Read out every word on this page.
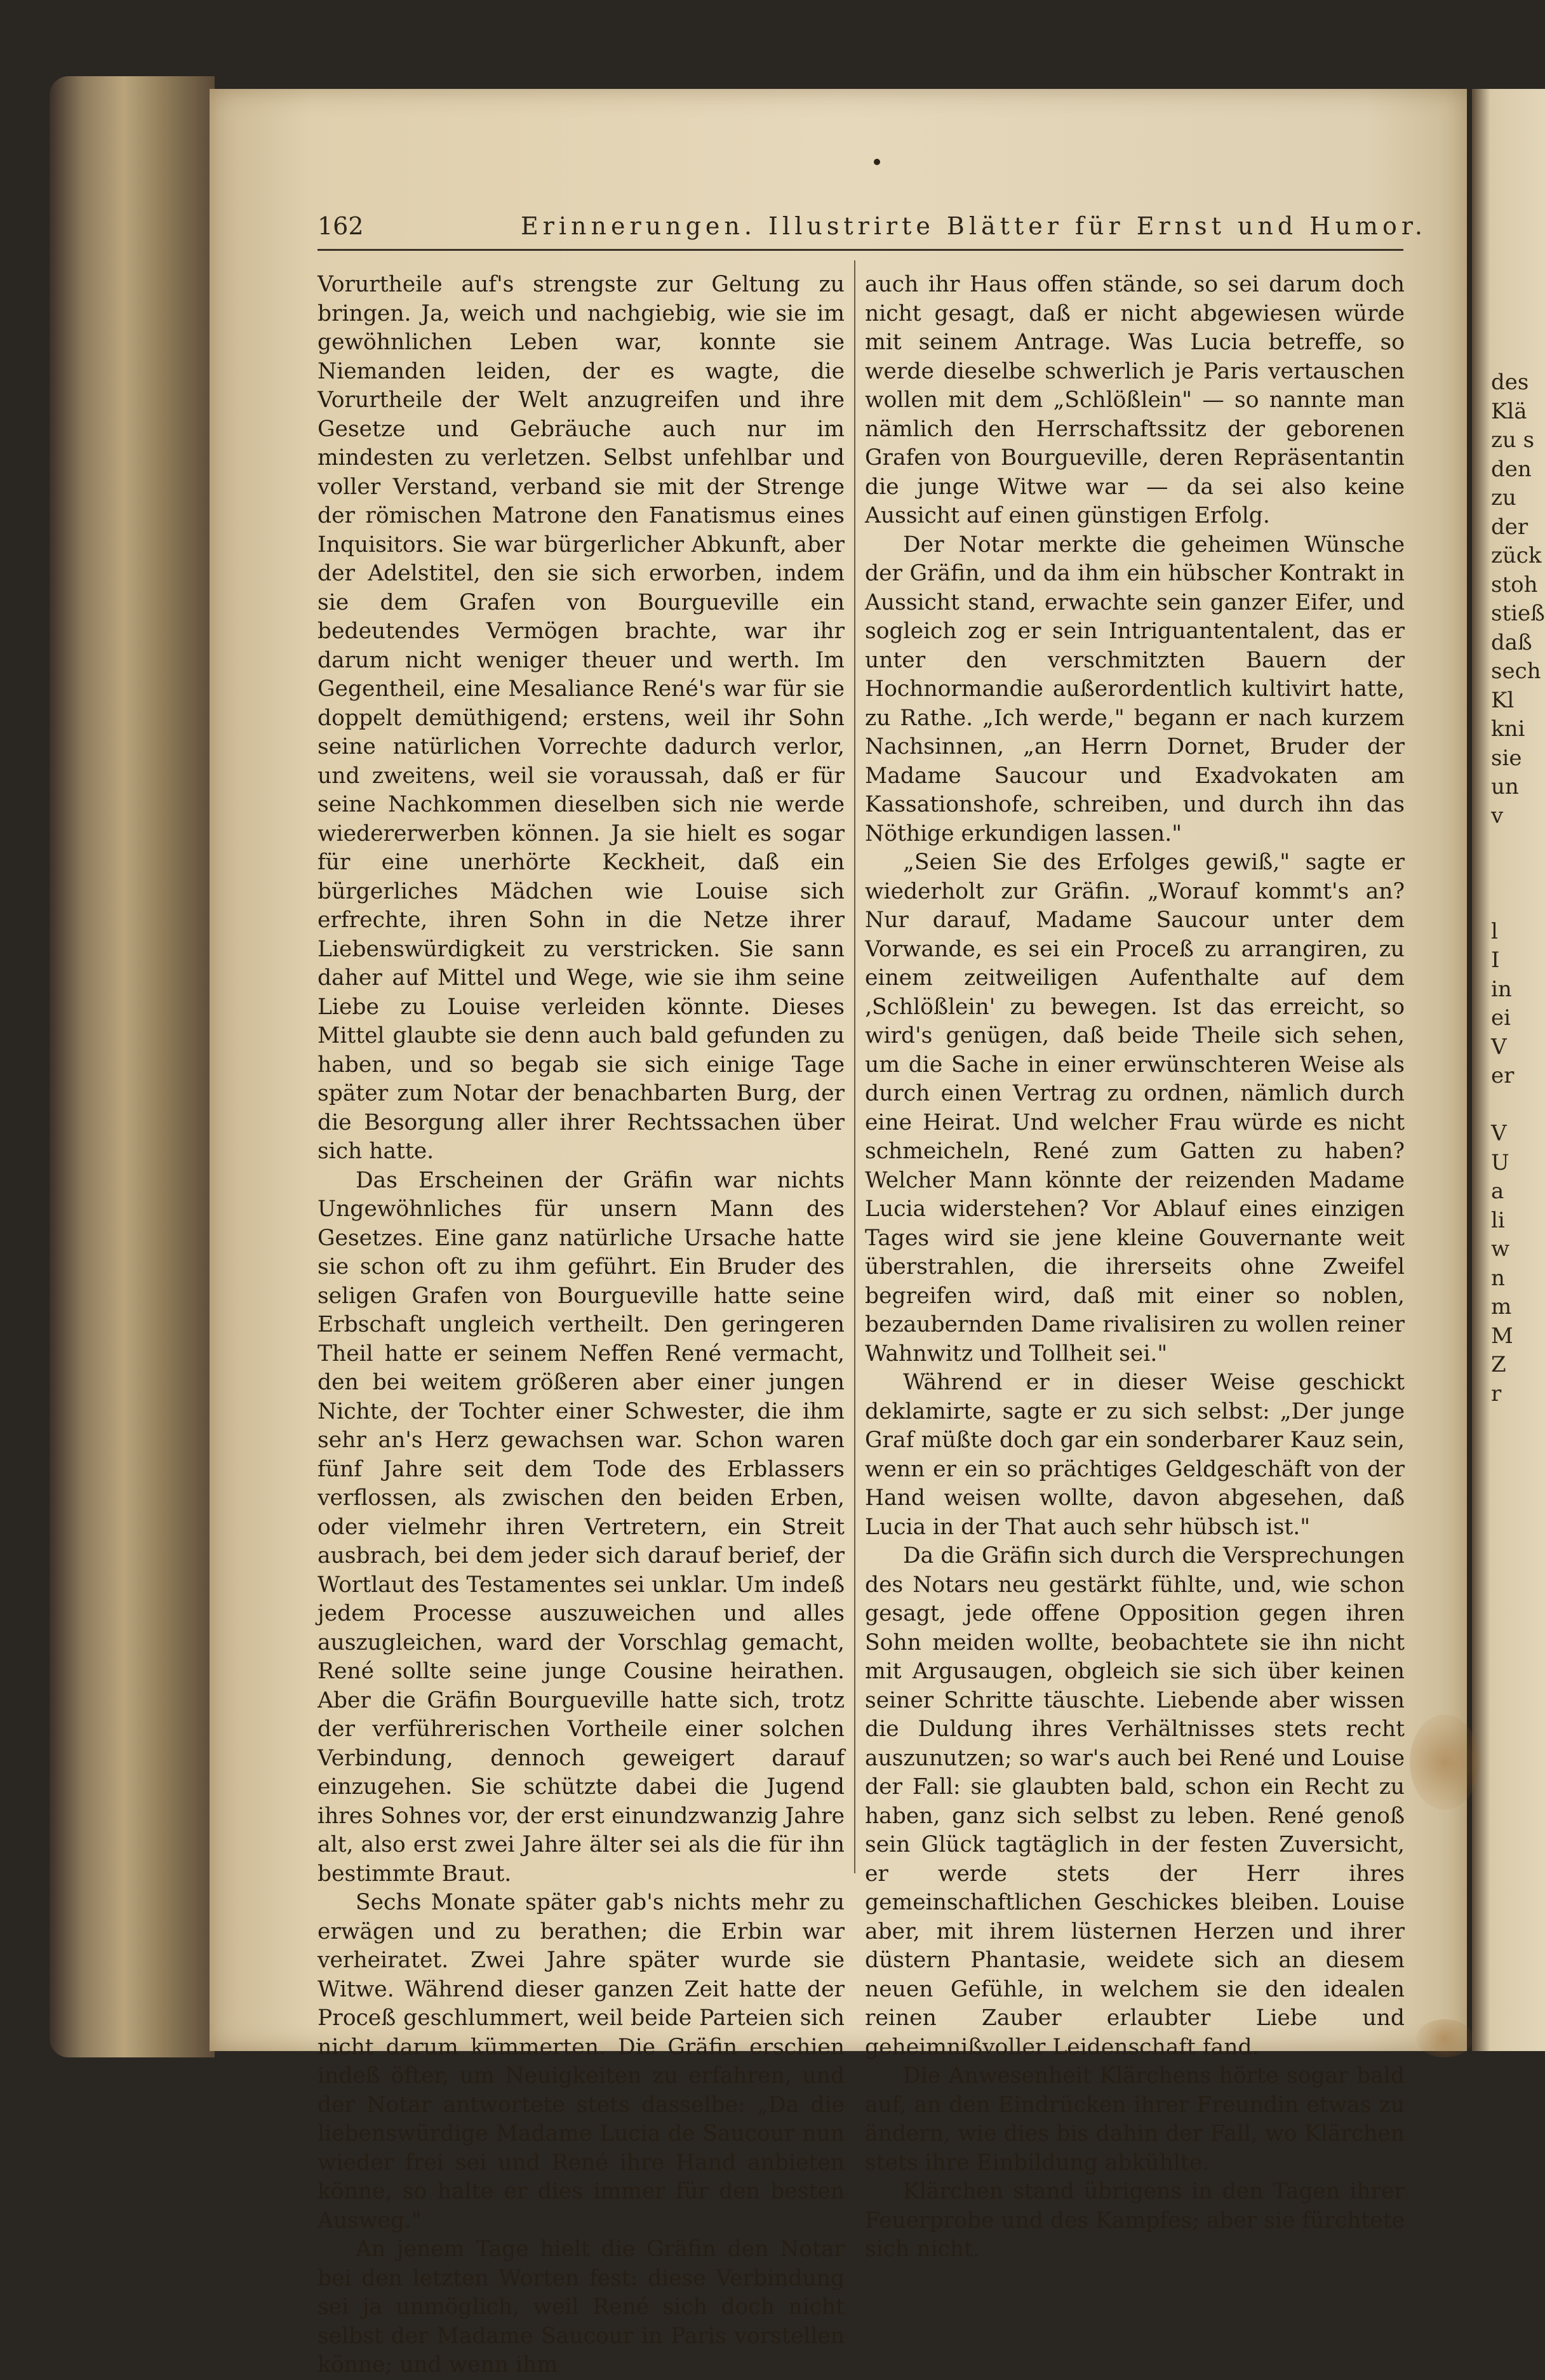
des
Klä
zu s
den
zu
der
zück
stoh
stieß
daß
sech
Kl
kni
sie
un
v

l
I
in
ei
V
er

V
U
a
li
w
n
m
M
Z
r
162	Erinnerungen. Illustrirte Blätter für Ernst und Humor.

Vorurtheile auf's strengste zur Geltung zu bringen. Ja, weich und nachgiebig, wie sie im gewöhnlichen Leben war, konnte sie Niemanden leiden, der es wagte, die Vorurtheile der Welt anzugreifen und ihre Gesetze und Gebräuche auch nur im mindesten zu verletzen. Selbst unfehlbar und voller Verstand, verband sie mit der Strenge der römischen Matrone den Fanatismus eines Inquisitors. Sie war bürgerlicher Abkunft, aber der Adelstitel, den sie sich erworben, indem sie dem Grafen von Bourgueville ein bedeutendes Vermögen brachte, war ihr darum nicht weniger theuer und werth. Im Gegentheil, eine Mesaliance René's war für sie doppelt demüthigend; erstens, weil ihr Sohn seine natürlichen Vorrechte dadurch verlor, und zweitens, weil sie voraussah, daß er für seine Nachkommen dieselben sich nie werde wiedererwerben können. Ja sie hielt es sogar für eine unerhörte Keckheit, daß ein bürgerliches Mädchen wie Louise sich erfrechte, ihren Sohn in die Netze ihrer Liebenswürdigkeit zu verstricken. Sie sann daher auf Mittel und Wege, wie sie ihm seine Liebe zu Louise verleiden könnte. Dieses Mittel glaubte sie denn auch bald gefunden zu haben, und so begab sie sich einige Tage später zum Notar der benachbarten Burg, der die Besorgung aller ihrer Rechtssachen über sich hatte.

Das Erscheinen der Gräfin war nichts Ungewöhnliches für unsern Mann des Gesetzes. Eine ganz natürliche Ursache hatte sie schon oft zu ihm geführt. Ein Bruder des seligen Grafen von Bourgueville hatte seine Erbschaft ungleich vertheilt. Den geringeren Theil hatte er seinem Neffen René vermacht, den bei weitem größeren aber einer jungen Nichte, der Tochter einer Schwester, die ihm sehr an's Herz gewachsen war. Schon waren fünf Jahre seit dem Tode des Erblassers verflossen, als zwischen den beiden Erben, oder vielmehr ihren Vertretern, ein Streit ausbrach, bei dem jeder sich darauf berief, der Wortlaut des Testamentes sei unklar. Um indeß jedem Processe auszuweichen und alles auszugleichen, ward der Vorschlag gemacht, René sollte seine junge Cousine heirathen. Aber die Gräfin Bourgueville hatte sich, trotz der verführerischen Vortheile einer solchen Verbindung, dennoch geweigert darauf einzugehen. Sie schützte dabei die Jugend ihres Sohnes vor, der erst einundzwanzig Jahre alt, also erst zwei Jahre älter sei als die für ihn bestimmte Braut.

Sechs Monate später gab's nichts mehr zu erwägen und zu berathen; die Erbin war verheiratet. Zwei Jahre später wurde sie Witwe. Während dieser ganzen Zeit hatte der Proceß geschlummert, weil beide Parteien sich nicht darum kümmerten. Die Gräfin erschien indeß öfter, um Neuigkeiten zu erfahren, und der Notar antwortete stets dasselbe: „Da die liebenswürdige Madame Lucia de Saucour nun wieder frei sei und René ihre Hand anbieten könne, so halte er dies immer für den besten Ausweg."

An jenem Tage hielt die Gräfin den Notar bei den letzten Worten fest: diese Verbindung sei ja unmöglich, weil René sich doch nicht selbst der Madame Saucour in Paris vorstellen könne; und wenn ihm

auch ihr Haus offen stände, so sei darum doch nicht gesagt, daß er nicht abgewiesen würde mit seinem Antrage. Was Lucia betreffe, so werde dieselbe schwerlich je Paris vertauschen wollen mit dem „Schlößlein" — so nannte man nämlich den Herrschaftssitz der geborenen Grafen von Bourgueville, deren Repräsentantin die junge Witwe war — da sei also keine Aussicht auf einen günstigen Erfolg.

Der Notar merkte die geheimen Wünsche der Gräfin, und da ihm ein hübscher Kontrakt in Aussicht stand, erwachte sein ganzer Eifer, und sogleich zog er sein Intriguantentalent, das er unter den verschmitzten Bauern der Hochnormandie außerordentlich kultivirt hatte, zu Rathe. „Ich werde," begann er nach kurzem Nachsinnen, „an Herrn Dornet, Bruder der Madame Saucour und Exadvokaten am Kassationshofe, schreiben, und durch ihn das Nöthige erkundigen lassen."

„Seien Sie des Erfolges gewiß," sagte er wiederholt zur Gräfin. „Worauf kommt's an? Nur darauf, Madame Saucour unter dem Vorwande, es sei ein Proceß zu arrangiren, zu einem zeitweiligen Aufenthalte auf dem ‚Schlößlein' zu bewegen. Ist das erreicht, so wird's genügen, daß beide Theile sich sehen, um die Sache in einer erwünschteren Weise als durch einen Vertrag zu ordnen, nämlich durch eine Heirat. Und welcher Frau würde es nicht schmeicheln, René zum Gatten zu haben? Welcher Mann könnte der reizenden Madame Lucia widerstehen? Vor Ablauf eines einzigen Tages wird sie jene kleine Gouvernante weit überstrahlen, die ihrerseits ohne Zweifel begreifen wird, daß mit einer so noblen, bezaubernden Dame rivalisiren zu wollen reiner Wahnwitz und Tollheit sei."

Während er in dieser Weise geschickt deklamirte, sagte er zu sich selbst: „Der junge Graf müßte doch gar ein sonderbarer Kauz sein, wenn er ein so prächtiges Geldgeschäft von der Hand weisen wollte, davon abgesehen, daß Lucia in der That auch sehr hübsch ist."

Da die Gräfin sich durch die Versprechungen des Notars neu gestärkt fühlte, und, wie schon gesagt, jede offene Opposition gegen ihren Sohn meiden wollte, beobachtete sie ihn nicht mit Argusaugen, obgleich sie sich über keinen seiner Schritte täuschte. Liebende aber wissen die Duldung ihres Verhältnisses stets recht auszunutzen; so war's auch bei René und Louise der Fall: sie glaubten bald, schon ein Recht zu haben, ganz sich selbst zu leben. René genoß sein Glück tagtäglich in der festen Zuversicht, er werde stets der Herr ihres gemeinschaftlichen Geschickes bleiben. Louise aber, mit ihrem lüsternen Herzen und ihrer düstern Phantasie, weidete sich an diesem neuen Gefühle, in welchem sie den idealen reinen Zauber erlaubter Liebe und geheimnißvoller Leidenschaft fand.

Die Anwesenheit Klärchens hörte sogar bald auf, an den Eindrücken ihrer Freundin etwas zu ändern, wie dies bis dahin der Fall, wo Klärchen stets ihre Einbildung abkühlte.

Klärchen stand übrigens in den Tagen ihrer Feuerprobe und des Kampfes; aber sie fürchtete sich nicht.
